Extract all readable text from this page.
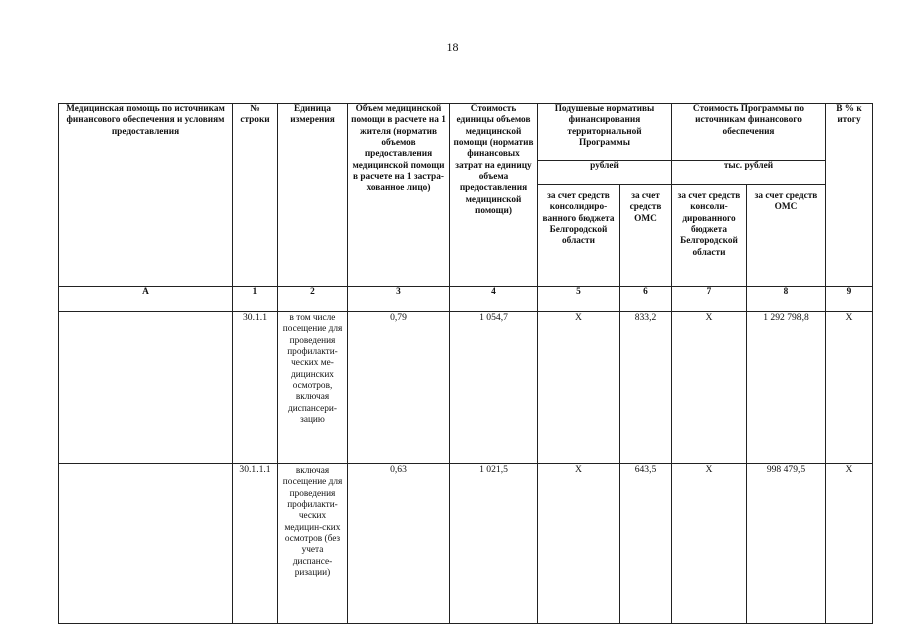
18
Медицинская помощь по источникам финансового обеспечения и условиям предоставления	№ строки	Единица измерения	Объем медицинской помощи в расчете на 1 жителя (норматив объемов предоставления медицинской помощи в расчете на 1 застра-хованное лицо)	Стоимость единицы объемов медицинской помощи (норматив финансовых затрат на единицу объема предоставления медицинской помощи)	Подушевые нормативы финансирования территориальной Программы		Стоимость Программы по источникам финансового обеспечения		В % к итогу
					рублей		тыс. рублей		
					за счет средств консолидиро-ванного бюджета Белгородской области	за счет средств ОМС	за счет средств консоли-дированного бюджета Белгородской области	за счет средств ОМС	
А	1	2	3	4	5	6	7	8	9
	30.1.1	в том числе посещение для проведения профилакти-ческих ме-дицинских осмотров, включая диспансери-зацию	0,79	1 054,7	Х	833,2	Х	1 292 798,8	Х
	30.1.1.1	включая посещение для проведения профилакти-ческих медицин-ских осмотров (без учета диспансе-ризации)	0,63	1 021,5	Х	643,5	Х	998 479,5	Х
